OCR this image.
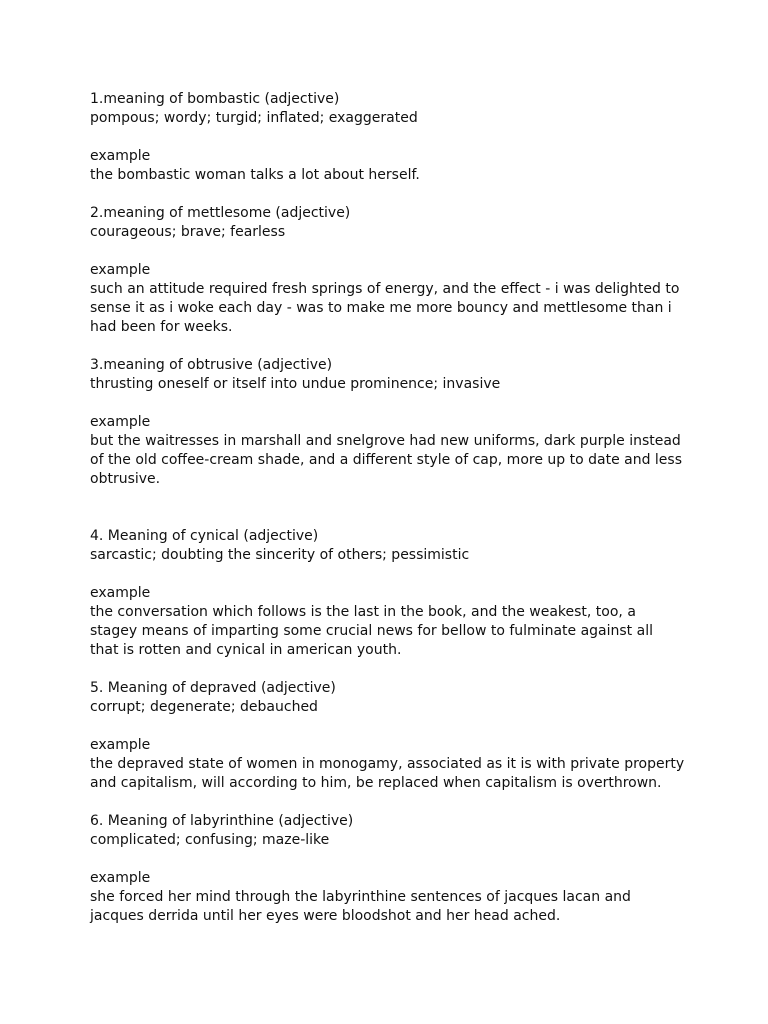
1.meaning of bombastic (adjective)
pompous; wordy; turgid; inflated; exaggerated
example
the bombastic woman talks a lot about herself.
2.meaning of mettlesome (adjective)
courageous; brave; fearless
example
such an attitude required fresh springs of energy, and the effect - i was delighted to
sense it as i woke each day - was to make me more bouncy and mettlesome than i
had been for weeks.
3.meaning of obtrusive (adjective)
thrusting oneself or itself into undue prominence; invasive
example
but the waitresses in marshall and snelgrove had new uniforms, dark purple instead
of the old coffee-cream shade, and a different style of cap, more up to date and less
obtrusive.
4. Meaning of cynical (adjective)
sarcastic; doubting the sincerity of others; pessimistic
example
the conversation which follows is the last in the book, and the weakest, too, a
stagey means of imparting some crucial news for bellow to fulminate against all
that is rotten and cynical in american youth.
5. Meaning of depraved (adjective)
corrupt; degenerate; debauched
example
the depraved state of women in monogamy, associated as it is with private property
and capitalism, will according to him, be replaced when capitalism is overthrown.
6. Meaning of labyrinthine (adjective)
complicated; confusing; maze-like
example
she forced her mind through the labyrinthine sentences of jacques lacan and
jacques derrida until her eyes were bloodshot and her head ached.
